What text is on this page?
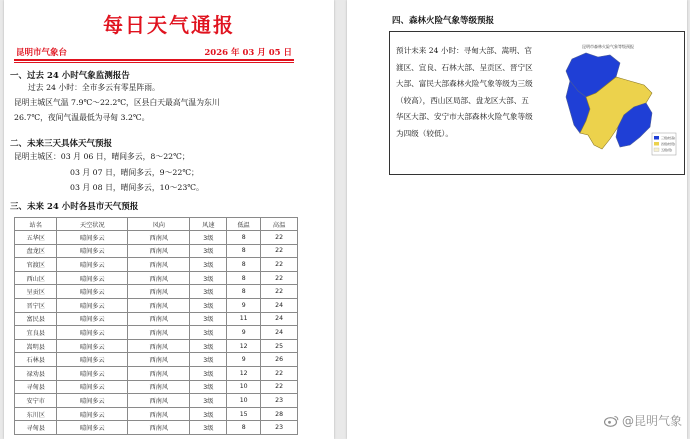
每日天气通报
昆明市气象台	2026 年 03 月 05 日
一、过去 24 小时气象监测报告
过去 24 小时：全市多云有零星阵雨。
昆明主城区气温 7.9℃～22.2℃，区县白天最高气温为东川
26.7℃，夜间气温最低为寻甸 3.2℃。
二、未来三天具体天气预报
昆明主城区：03 月 06 日，晴间多云，8～22℃；
03 月 07 日，晴间多云，9～22℃；
03 月 08 日，晴间多云，10～23℃。
三、未来 24 小时各县市天气预报
站名	天空状况	风向	风速	低温	高温
五华区	晴间多云	西南风	3级	8	22
盘龙区	晴间多云	西南风	3级	8	22
官渡区	晴间多云	西南风	3级	8	22
西山区	晴间多云	西南风	3级	8	22
呈贡区	晴间多云	西南风	3级	8	22
晋宁区	晴间多云	西南风	3级	9	24
富民县	晴间多云	西南风	3级	11	24
宜良县	晴间多云	西南风	3级	9	24
嵩明县	晴间多云	西南风	3级	12	25
石林县	晴间多云	西南风	3级	9	26
禄劝县	晴间多云	西南风	3级	12	22
寻甸县	晴间多云	西南风	3级	10	22
安宁市	晴间多云	西南风	3级	10	23
东川区	晴间多云	西南风	3级	15	28
寻甸县	晴间多云	西南风	3级	8	23
四、森林火险气象等级预报
预计未来 24 小时：寻甸大部、嵩明、官渡区、宜良、石林大部、呈贡区、晋宁区大部、富民大部森林火险气象等级为三级（较高），西山区局部、盘龙区大部、五华区大部、安宁市大部森林火险气象等级为四级（较低）。
昆明市森林火险气象等级预报
三级(较高)
四级(较低)
五级(低)
@昆明气象
